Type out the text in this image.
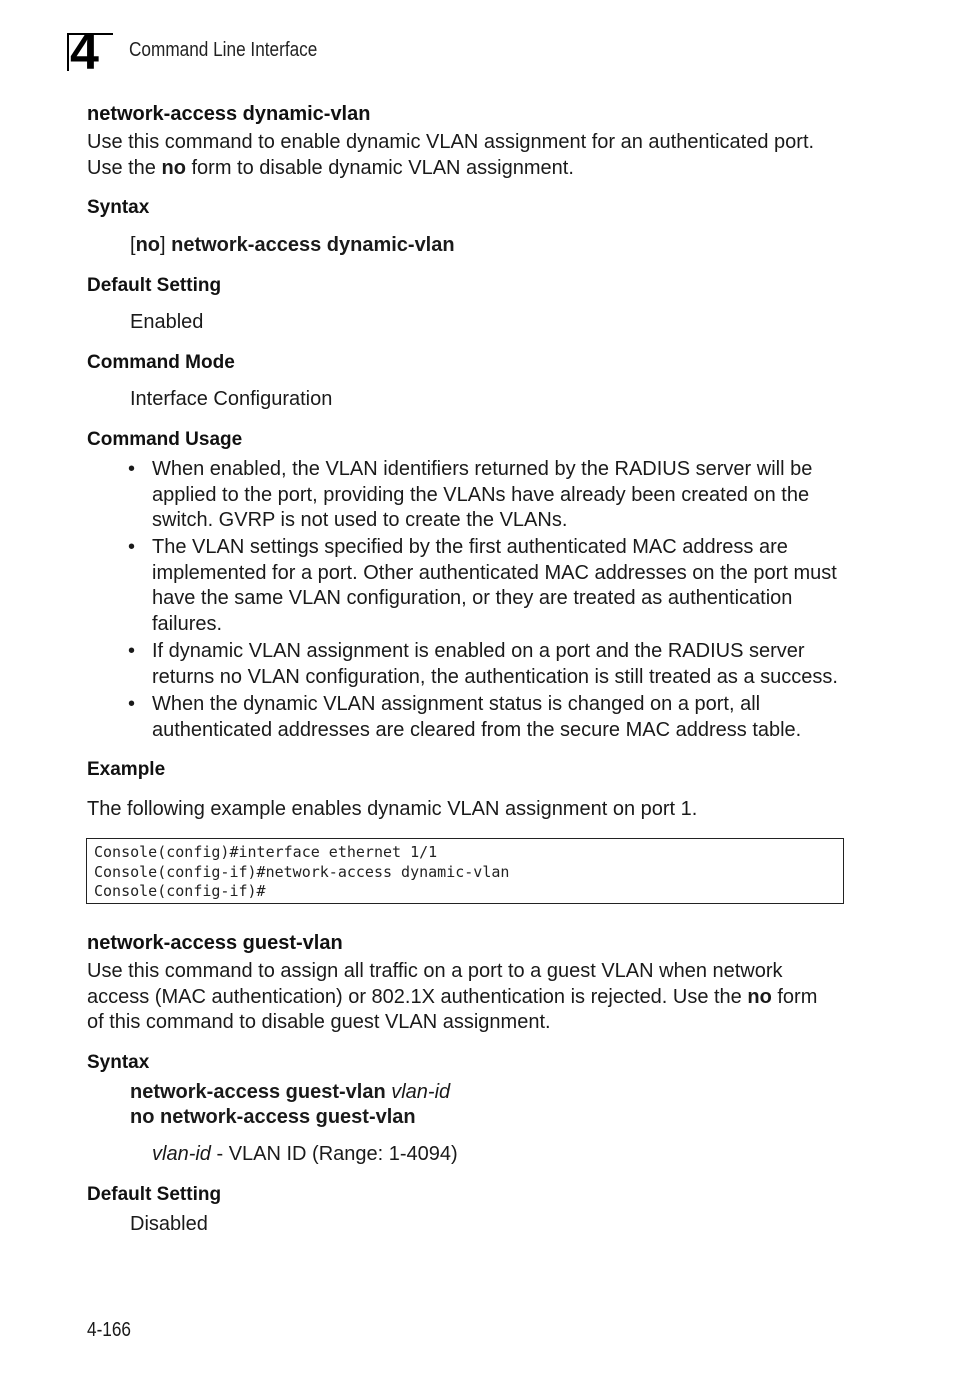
4 Command Line Interface
network-access dynamic-vlan
Use this command to enable dynamic VLAN assignment for an authenticated port.
Use the no form to disable dynamic VLAN assignment.
Syntax
[no] network-access dynamic-vlan
Default Setting
Enabled
Command Mode
Interface Configuration
Command Usage
• When enabled, the VLAN identifiers returned by the RADIUS server will be
applied to the port, providing the VLANs have already been created on the
switch. GVRP is not used to create the VLANs.
• The VLAN settings specified by the first authenticated MAC address are
implemented for a port. Other authenticated MAC addresses on the port must
have the same VLAN configuration, or they are treated as authentication
failures.
• If dynamic VLAN assignment is enabled on a port and the RADIUS server
returns no VLAN configuration, the authentication is still treated as a success.
• When the dynamic VLAN assignment status is changed on a port, all
authenticated addresses are cleared from the secure MAC address table.
Example
The following example enables dynamic VLAN assignment on port 1.
Console(config)#interface ethernet 1/1
Console(config-if)#network-access dynamic-vlan
Console(config-if)#
network-access guest-vlan
Use this command to assign all traffic on a port to a guest VLAN when network
access (MAC authentication) or 802.1X authentication is rejected. Use the no form
of this command to disable guest VLAN assignment.
Syntax
network-access guest-vlan vlan-id
no network-access guest-vlan
vlan-id - VLAN ID (Range: 1-4094)
Default Setting
Disabled
4-166
